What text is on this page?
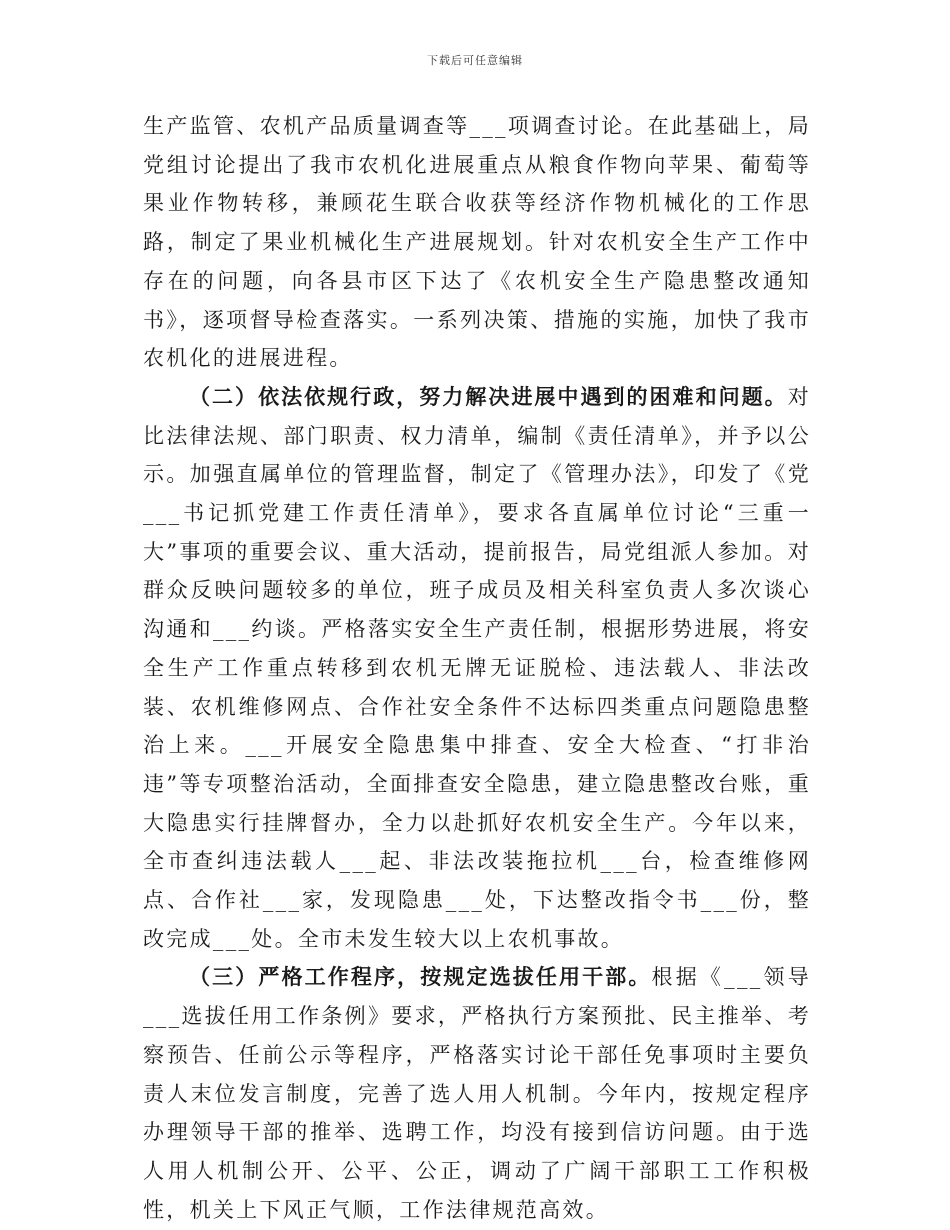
下载后可任意编辑

生产监管、农机产品质量调查等___项调查讨论。在此基础上，局党组讨论提出了我市农机化进展重点从粮食作物向苹果、葡萄等果业作物转移，兼顾花生联合收获等经济作物机械化的工作思路，制定了果业机械化生产进展规划。针对农机安全生产工作中存在的问题，向各县市区下达了《农机安全生产隐患整改通知书》，逐项督导检查落实。一系列决策、措施的实施，加快了我市农机化的进展进程。

（二）依法依规行政，努力解决进展中遇到的困难和问题。对比法律法规、部门职责、权力清单，编制《责任清单》，并予以公示。加强直属单位的管理监督，制定了《管理办法》，印发了《党___书记抓党建工作责任清单》，要求各直属单位讨论“三重一大”事项的重要会议、重大活动，提前报告，局党组派人参加。对群众反映问题较多的单位，班子成员及相关科室负责人多次谈心沟通和___约谈。严格落实安全生产责任制，根据形势进展，将安全生产工作重点转移到农机无牌无证脱检、违法载人、非法改装、农机维修网点、合作社安全条件不达标四类重点问题隐患整治上来。___开展安全隐患集中排查、安全大检查、“打非治违”等专项整治活动，全面排查安全隐患，建立隐患整改台账，重大隐患实行挂牌督办，全力以赴抓好农机安全生产。今年以来，全市查纠违法载人___起、非法改装拖拉机___台，检查维修网点、合作社___家，发现隐患___处，下达整改指令书___份，整改完成___处。全市未发生较大以上农机事故。

（三）严格工作程序，按规定选拔任用干部。根据《___领导___选拔任用工作条例》要求，严格执行方案预批、民主推举、考察预告、任前公示等程序，严格落实讨论干部任免事项时主要负责人末位发言制度，完善了选人用人机制。今年内，按规定程序办理领导干部的推举、选聘工作，均没有接到信访问题。由于选人用人机制公开、公平、公正，调动了广阔干部职工工作积极性，机关上下风正气顺，工作法律规范高效。
